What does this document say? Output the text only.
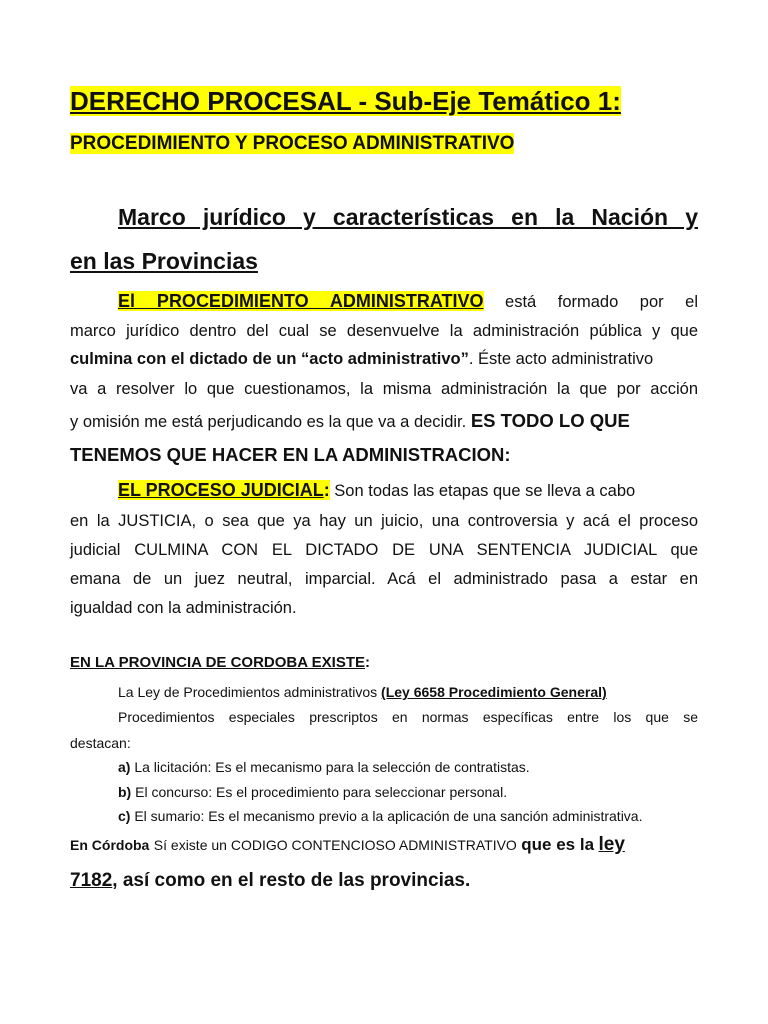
DERECHO PROCESAL - Sub-Eje Temático 1:
PROCEDIMIENTO Y PROCESO ADMINISTRATIVO
Marco jurídico y características en la Nación y
en las Provincias
El PROCEDIMIENTO ADMINISTRATIVO está formado por el
marco jurídico dentro del cual se desenvuelve la administración pública y que
culmina con el dictado de un “acto administrativo”. Éste acto administrativo
va a resolver lo que cuestionamos, la misma administración la que por acción
y omisión me está perjudicando es la que va a decidir. ES TODO LO QUE
TENEMOS QUE HACER EN LA ADMINISTRACION:
EL PROCESO JUDICIAL: Son todas las etapas que se lleva a cabo
en la JUSTICIA, o sea que ya hay un juicio, una controversia y acá el proceso
judicial CULMINA CON EL DICTADO DE UNA SENTENCIA JUDICIAL que
emana de un juez neutral, imparcial. Acá el administrado pasa a estar en
igualdad con la administración.
EN LA PROVINCIA DE CORDOBA EXISTE:
La Ley de Procedimientos administrativos (Ley 6658 Procedimiento General)
Procedimientos especiales prescriptos en normas específicas entre los que se
destacan:
a) La licitación: Es el mecanismo para la selección de contratistas.
b) El concurso: Es el procedimiento para seleccionar personal.
c) El sumario: Es el mecanismo previo a la aplicación de una sanción administrativa.
En Córdoba Sí existe un CODIGO CONTENCIOSO ADMINISTRATIVO que es la ley
7182, así como en el resto de las provincias.
